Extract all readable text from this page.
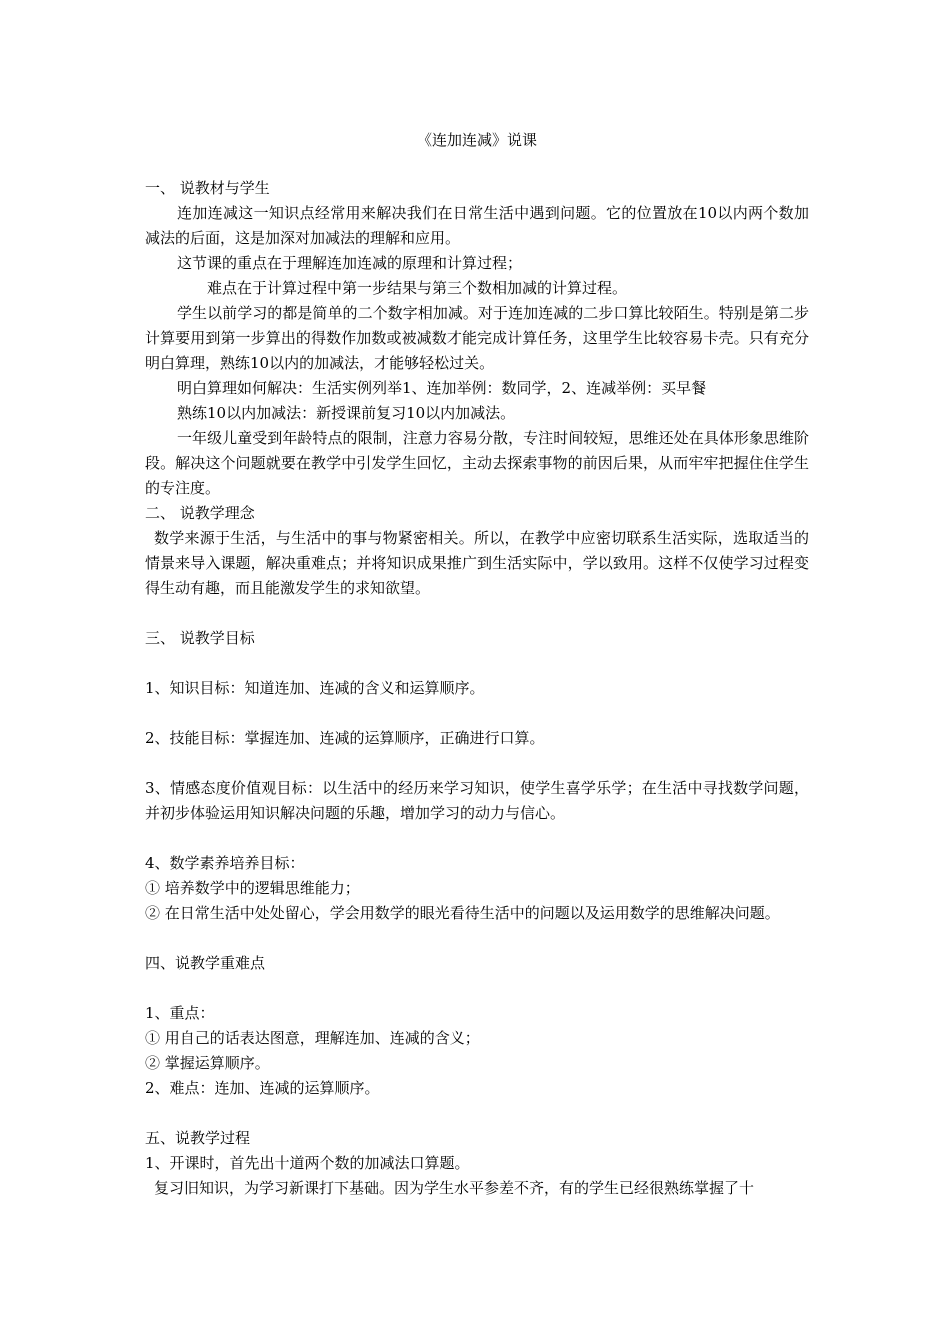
《连加连减》说课

一、 说教材与学生

连加连减这一知识点经常用来解决我们在日常生活中遇到问题。它的位置放在10以内两个数加减法的后面，这是加深对加减法的理解和应用。

这节课的重点在于理解连加连减的原理和计算过程；

难点在于计算过程中第一步结果与第三个数相加减的计算过程。

学生以前学习的都是简单的二个数字相加减。对于连加连减的二步口算比较陌生。特别是第二步计算要用到第一步算出的得数作加数或被减数才能完成计算任务，这里学生比较容易卡壳。只有充分明白算理，熟练10以内的加减法，才能够轻松过关。

明白算理如何解决：生活实例列举1、连加举例：数同学，2、连减举例：买早餐

熟练10以内加减法：新授课前复习10以内加减法。

一年级儿童受到年龄特点的限制，注意力容易分散，专注时间较短，思维还处在具体形象思维阶段。解决这个问题就要在教学中引发学生回忆，主动去探索事物的前因后果，从而牢牢把握住住学生的专注度。

二、 说教学理念

数学来源于生活，与生活中的事与物紧密相关。所以，在教学中应密切联系生活实际，选取适当的情景来导入课题，解决重难点；并将知识成果推广到生活实际中，学以致用。这样不仅使学习过程变得生动有趣，而且能激发学生的求知欲望。

三、 说教学目标

1、知识目标：知道连加、连减的含义和运算顺序。

2、技能目标：掌握连加、连减的运算顺序，正确进行口算。

3、情感态度价值观目标：以生活中的经历来学习知识，使学生喜学乐学；在生活中寻找数学问题，并初步体验运用知识解决问题的乐趣，增加学习的动力与信心。

4、数学素养培养目标：

① 培养数学中的逻辑思维能力；

② 在日常生活中处处留心，学会用数学的眼光看待生活中的问题以及运用数学的思维解决问题。

四、说教学重难点

1、重点：

① 用自己的话表达图意，理解连加、连减的含义；

② 掌握运算顺序。

2、难点：连加、连减的运算顺序。

五、说教学过程

1、开课时，首先出十道两个数的加减法口算题。

复习旧知识，为学习新课打下基础。因为学生水平参差不齐，有的学生已经很熟练掌握了十
